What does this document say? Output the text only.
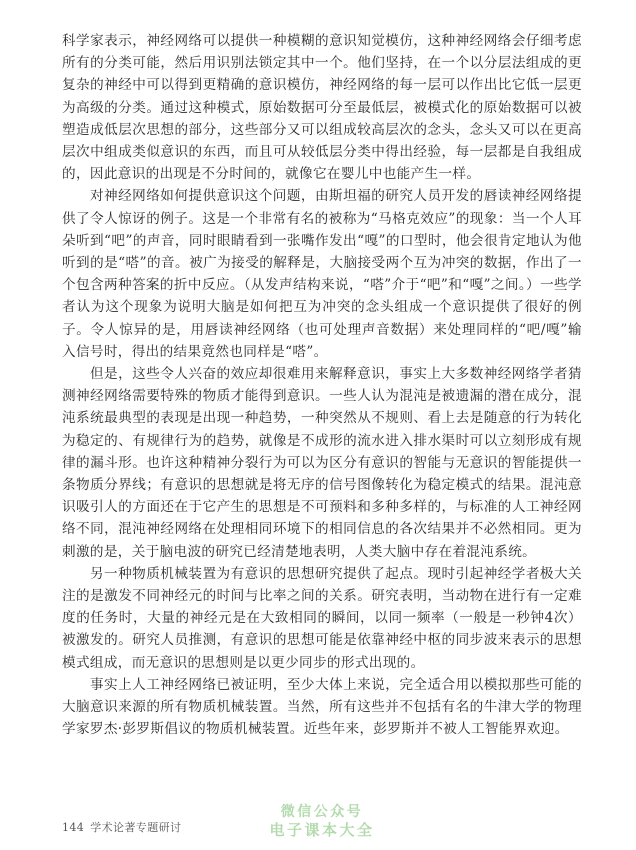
科学家表示，神经网络可以提供一种模糊的意识知觉模仿，这种神经网络会仔细考虑所有的分类可能，然后用识别法锁定其中一个。他们坚持，在一个以分层法组成的更复杂的神经中可以得到更精确的意识模仿，神经网络的每一层可以作出比它低一层更为高级的分类。通过这种模式，原始数据可分至最低层，被模式化的原始数据可以被塑造成低层次思想的部分，这些部分又可以组成较高层次的念头，念头又可以在更高层次中组成类似意识的东西，而且可从较低层分类中得出经验，每一层都是自我组成的，因此意识的出现是不分时间的，就像它在婴儿中也能产生一样。

对神经网络如何提供意识这个问题，由斯坦福的研究人员开发的唇读神经网络提供了令人惊讶的例子。这是一个非常有名的被称为“马格克效应”的现象：当一个人耳朵听到“吧”的声音，同时眼睛看到一张嘴作发出“嘎”的口型时，他会很肯定地认为他听到的是“嗒”的音。被广为接受的解释是，大脑接受两个互为冲突的数据，作出了一个包含两种答案的折中反应。（从发声结构来说，“嗒”介于“吧”和“嘎”之间。）一些学者认为这个现象为说明大脑是如何把互为冲突的念头组成一个意识提供了很好的例子。令人惊异的是，用唇读神经网络（也可处理声音数据）来处理同样的“吧/嘎”输入信号时，得出的结果竟然也同样是“嗒”。

但是，这些令人兴奋的效应却很难用来解释意识，事实上大多数神经网络学者猜测神经网络需要特殊的物质才能得到意识。一些人认为混沌是被遗漏的潜在成分，混沌系统最典型的表现是出现一种趋势，一种突然从不规则、看上去是随意的行为转化为稳定的、有规律行为的趋势，就像是不成形的流水进入排水渠时可以立刻形成有规律的漏斗形。也许这种精神分裂行为可以为区分有意识的智能与无意识的智能提供一条物质分界线；有意识的思想就是将无序的信号图像转化为稳定模式的结果。混沌意识吸引人的方面还在于它产生的思想是不可预料和多种多样的，与标准的人工神经网络不同，混沌神经网络在处理相同环境下的相同信息的各次结果并不必然相同。更为刺激的是，关于脑电波的研究已经清楚地表明，人类大脑中存在着混沌系统。

另一种物质机械装置为有意识的思想研究提供了起点。现时引起神经学者极大关注的是激发不同神经元的时间与比率之间的关系。研究表明，当动物在进行有一定难度的任务时，大量的神经元是在大致相同的瞬间，以同一频率（一般是一秒钟4次）被激发的。研究人员推测，有意识的思想可能是依靠神经中枢的同步波来表示的思想模式组成，而无意识的思想则是以更少同步的形式出现的。

事实上人工神经网络已被证明，至少大体上来说，完全适合用以模拟那些可能的大脑意识来源的所有物质机械装置。当然，所有这些并不包括有名的牛津大学的物理学家罗杰·彭罗斯倡议的物质机械装置。近些年来，彭罗斯并不被人工智能界欢迎。

144 学术论著专题研讨
微信公众号
电子课本大全
